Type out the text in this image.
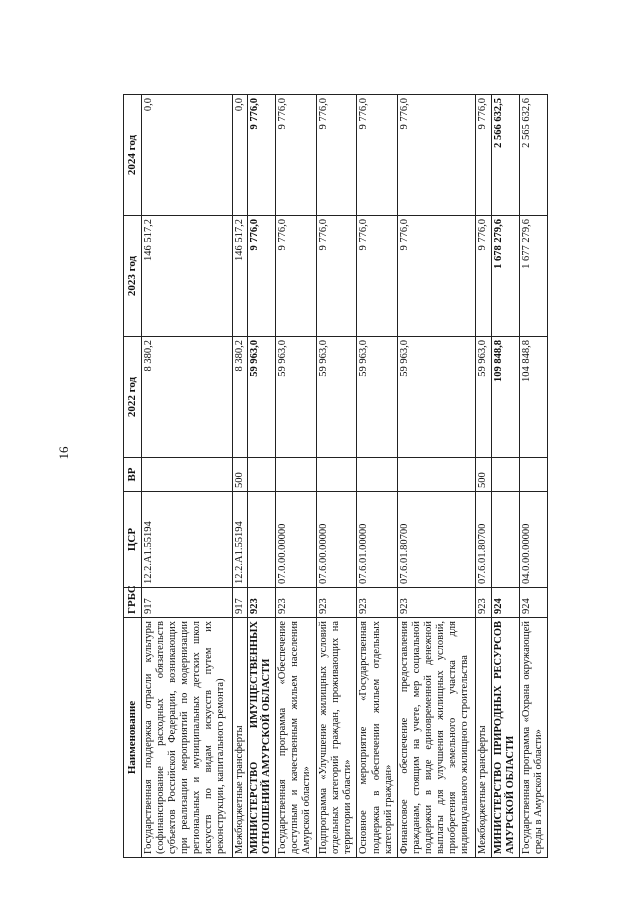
16
Наименование	ГРБС	ЦСР	ВР	2022 год	2023 год	2024 год
Государственная поддержка отрасли культуры (софинансирование расходных обязательств субъектов Российской Федерации, возникающих при реализации мероприятий по модернизации региональных и муниципальных детских школ искусств по видам искусств путем их реконструкции, капитального ремонта)	917	12.2.А1.55194		8 380,2	146 517,2	0,0
Межбюджетные трансферты	917	12.2.А1.55194	500	8 380,2	146 517,2	0,0
МИНИСТЕРСТВО ИМУЩЕСТВЕННЫХ ОТНОШЕНИЙ АМУРСКОЙ ОБЛАСТИ	923			59 963,0	9 776,0	9 776,0
Государственная программа «Обеспечение доступным и качественным жильем населения Амурской области»	923	07.0.00.00000		59 963,0	9 776,0	9 776,0
Подпрограмма «Улучшение жилищных условий отдельных категорий граждан, проживающих на территории области»	923	07.6.00.00000		59 963,0	9 776,0	9 776,0
Основное мероприятие «Государственная поддержка в обеспечении жильем отдельных категорий граждан»	923	07.6.01.00000		59 963,0	9 776,0	9 776,0
Финансовое обеспечение предоставления гражданам, стоящим на учете, мер социальной поддержки в виде единовременной денежной выплаты для улучшения жилищных условий, приобретения земельного участка для индивидуального жилищного строительства	923	07.6.01.80700		59 963,0	9 776,0	9 776,0
Межбюджетные трансферты	923	07.6.01.80700	500	59 963,0	9 776,0	9 776,0
МИНИСТЕРСТВО ПРИРОДНЫХ РЕСУРСОВ АМУРСКОЙ ОБЛАСТИ	924			109 848,8	1 678 279,6	2 566 632,5
Государственная программа «Охрана окружающей среды в Амурской области»	924	04.0.00.00000		104 848,8	1 677 279,6	2 565 632,6
